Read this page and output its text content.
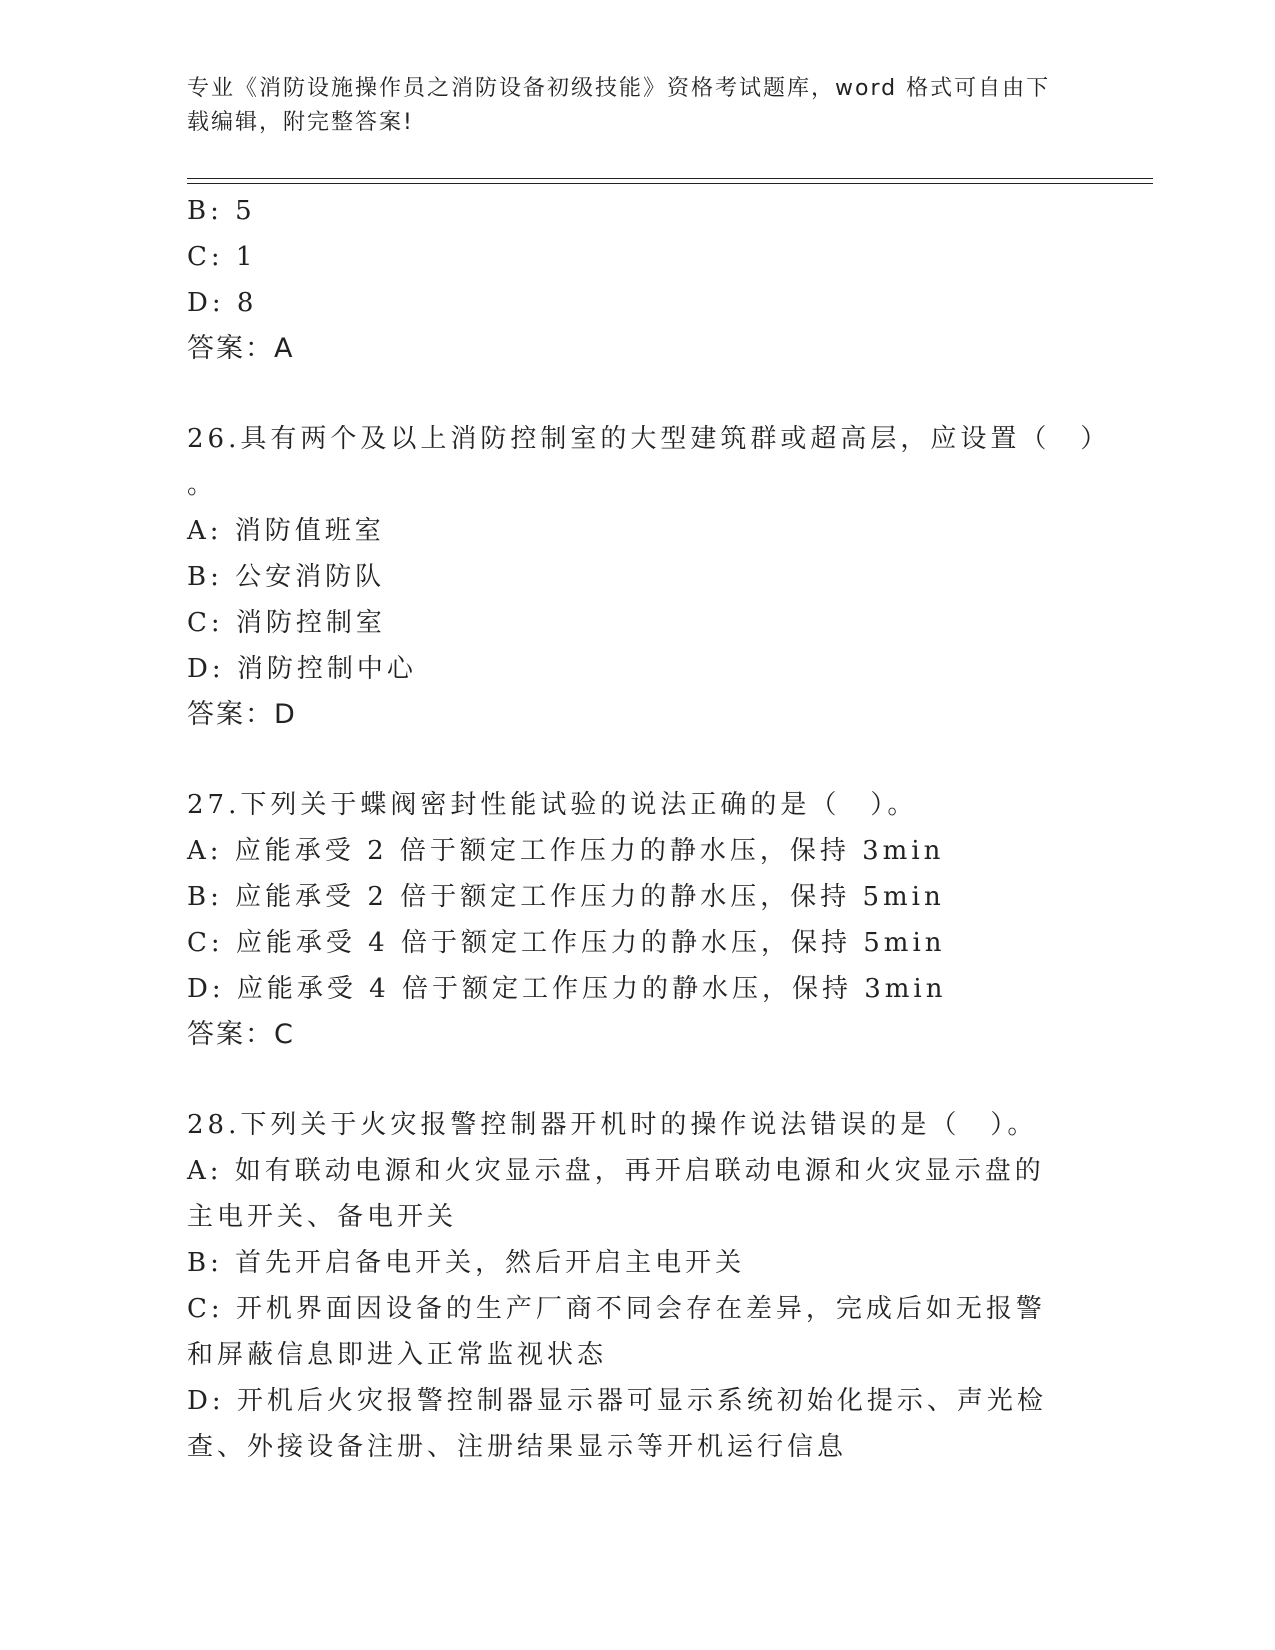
专业《消防设施操作员之消防设备初级技能》资格考试题库，word 格式可自由下载编辑，附完整答案!
B: 5
C: 1
D: 8
答案：A
26.具有两个及以上消防控制室的大型建筑群或超高层，应设置（　）
。
A: 消防值班室
B: 公安消防队
C: 消防控制室
D: 消防控制中心
答案：D
27.下列关于蝶阀密封性能试验的说法正确的是（　）。
A: 应能承受 2 倍于额定工作压力的静水压，保持 3min
B: 应能承受 2 倍于额定工作压力的静水压，保持 5min
C: 应能承受 4 倍于额定工作压力的静水压，保持 5min
D: 应能承受 4 倍于额定工作压力的静水压，保持 3min
答案：C
28.下列关于火灾报警控制器开机时的操作说法错误的是（　）。
A: 如有联动电源和火灾显示盘，再开启联动电源和火灾显示盘的主电开关、备电开关
B: 首先开启备电开关，然后开启主电开关
C: 开机界面因设备的生产厂商不同会存在差异，完成后如无报警和屏蔽信息即进入正常监视状态
D: 开机后火灾报警控制器显示器可显示系统初始化提示、声光检查、外接设备注册、注册结果显示等开机运行信息
